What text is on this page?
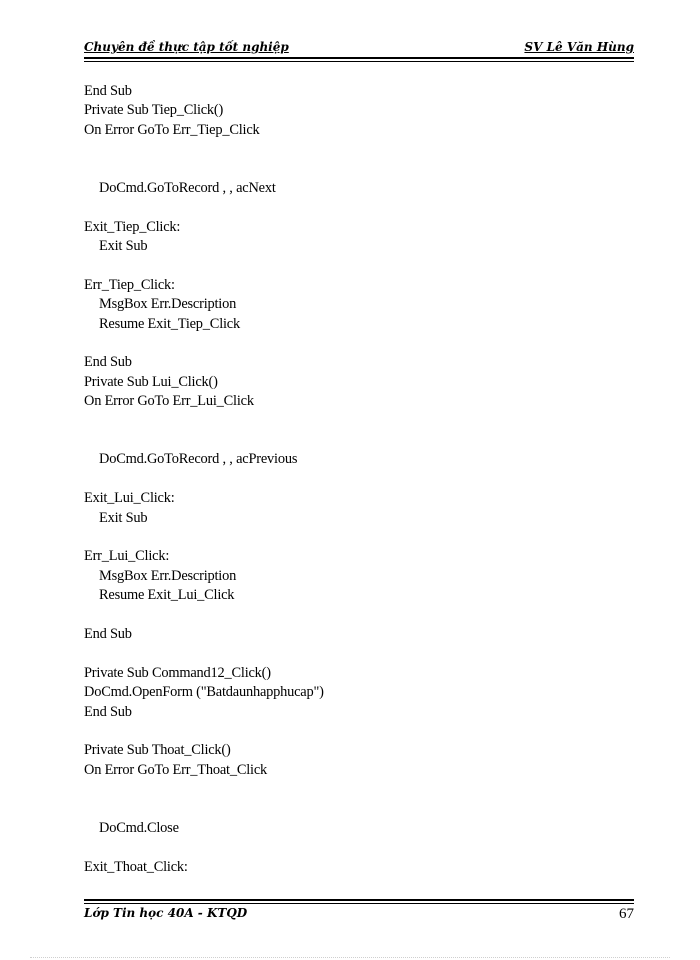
Chuyên đề thực tập tốt nghiệp	SV Lê Văn Hùng
End Sub
Private Sub Tiep_Click()
On Error GoTo Err_Tiep_Click
DoCmd.GoToRecord , , acNext
Exit_Tiep_Click:
Exit Sub
Err_Tiep_Click:
MsgBox Err.Description
Resume Exit_Tiep_Click
End Sub
Private Sub Lui_Click()
On Error GoTo Err_Lui_Click
DoCmd.GoToRecord , , acPrevious
Exit_Lui_Click:
Exit Sub
Err_Lui_Click:
MsgBox Err.Description
Resume Exit_Lui_Click
End Sub
Private Sub Command12_Click()
DoCmd.OpenForm ("Batdaunhapphucap")
End Sub
Private Sub Thoat_Click()
On Error GoTo Err_Thoat_Click
DoCmd.Close
Exit_Thoat_Click:
Lớp Tin học 40A - KTQD	67
